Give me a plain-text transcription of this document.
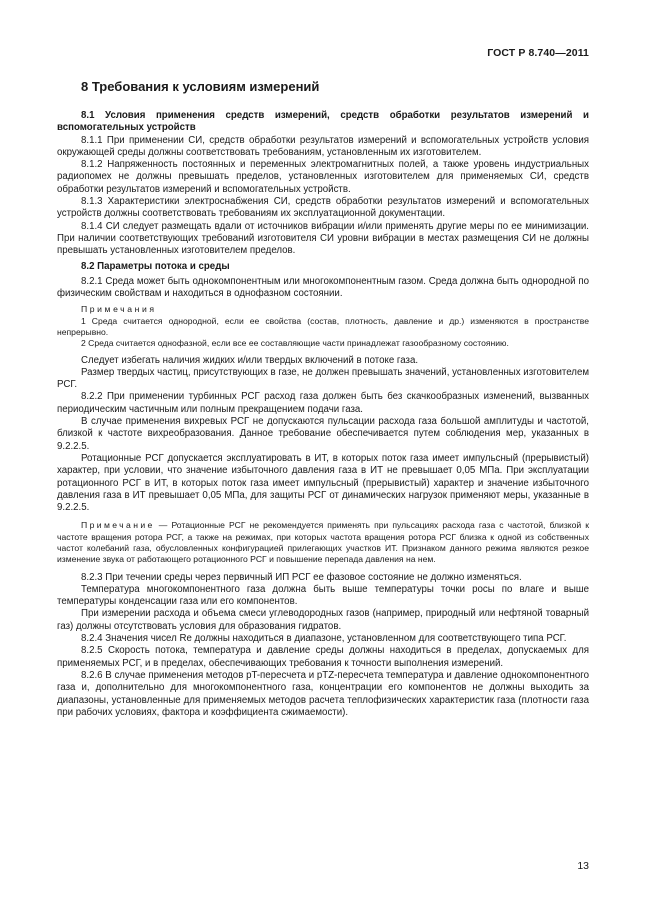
ГОСТ Р 8.740—2011
8 Требования к условиям измерений

8.1 Условия применения средств измерений, средств обработки результатов измерений и вспомогательных устройств

8.1.1 При применении СИ, средств обработки результатов измерений и вспомогательных устройств условия окружающей среды должны соответствовать требованиям, установленным их изготовителем.

8.1.2 Напряженность постоянных и переменных электромагнитных полей, а также уровень индустриальных радиопомех не должны превышать пределов, установленных изготовителем для применяемых СИ, средств обработки результатов измерений и вспомогательных устройств.

8.1.3 Характеристики электроснабжения СИ, средств обработки результатов измерений и вспомогательных устройств должны соответствовать требованиям их эксплуатационной документации.

8.1.4 СИ следует размещать вдали от источников вибрации и/или применять другие меры по ее минимизации. При наличии соответствующих требований изготовителя СИ уровни вибрации в местах размещения СИ не должны превышать установленных изготовителем пределов.

8.2 Параметры потока и среды

8.2.1 Среда может быть однокомпонентным или многокомпонентным газом. Среда должна быть однородной по физическим свойствам и находиться в однофазном состоянии.

Примечания

1 Среда считается однородной, если ее свойства (состав, плотность, давление и др.) изменяются в пространстве непрерывно.

2 Среда считается однофазной, если все ее составляющие части принадлежат газообразному состоянию.

Следует избегать наличия жидких и/или твердых включений в потоке газа.

Размер твердых частиц, присутствующих в газе, не должен превышать значений, установленных изготовителем РСГ.

8.2.2 При применении турбинных РСГ расход газа должен быть без скачкообразных изменений, вызванных периодическим частичным или полным прекращением подачи газа.

В случае применения вихревых РСГ не допускаются пульсации расхода газа большой амплитуды и частотой, близкой к частоте вихреобразования. Данное требование обеспечивается путем соблюдения мер, указанных в 9.2.2.5.

Ротационные РСГ допускается эксплуатировать в ИТ, в которых поток газа имеет импульсный (прерывистый) характер, при условии, что значение избыточного давления газа в ИТ не превышает 0,05 МПа. При эксплуатации ротационного РСГ в ИТ, в которых поток газа имеет импульсный (прерывистый) характер и значение избыточного давления газа в ИТ превышает 0,05 МПа, для защиты РСГ от динамических нагрузок применяют меры, указанные в 9.2.2.5.

Примечание — Ротационные РСГ не рекомендуется применять при пульсациях расхода газа с частотой, близкой к частоте вращения ротора РСГ, а также на режимах, при которых частота вращения ротора РСГ близка к одной из собственных частот колебаний газа, обусловленных конфигурацией прилегающих участков ИТ. Признаком данного режима являются резкое изменение звука от работающего ротационного РСГ и повышение перепада давления на нем.

8.2.3 При течении среды через первичный ИП РСГ ее фазовое состояние не должно изменяться.

Температура многокомпонентного газа должна быть выше температуры точки росы по влаге и выше температуры конденсации газа или его компонентов.

При измерении расхода и объема смеси углеводородных газов (например, природный или нефтяной товарный газ) должны отсутствовать условия для образования гидратов.

8.2.4 Значения чисел Re должны находиться в диапазоне, установленном для соответствующего типа РСГ.

8.2.5 Скорость потока, температура и давление среды должны находиться в пределах, допускаемых для применяемых РСГ, и в пределах, обеспечивающих требования к точности выполнения измерений.

8.2.6 В случае применения методов pT-пересчета и pTZ-пересчета температура и давление однокомпонентного газа и, дополнительно для многокомпонентного газа, концентрации его компонентов не должны выходить за диапазоны, установленные для применяемых методов расчета теплофизических характеристик газа (плотности газа при рабочих условиях, фактора и коэффициента сжимаемости).

13
